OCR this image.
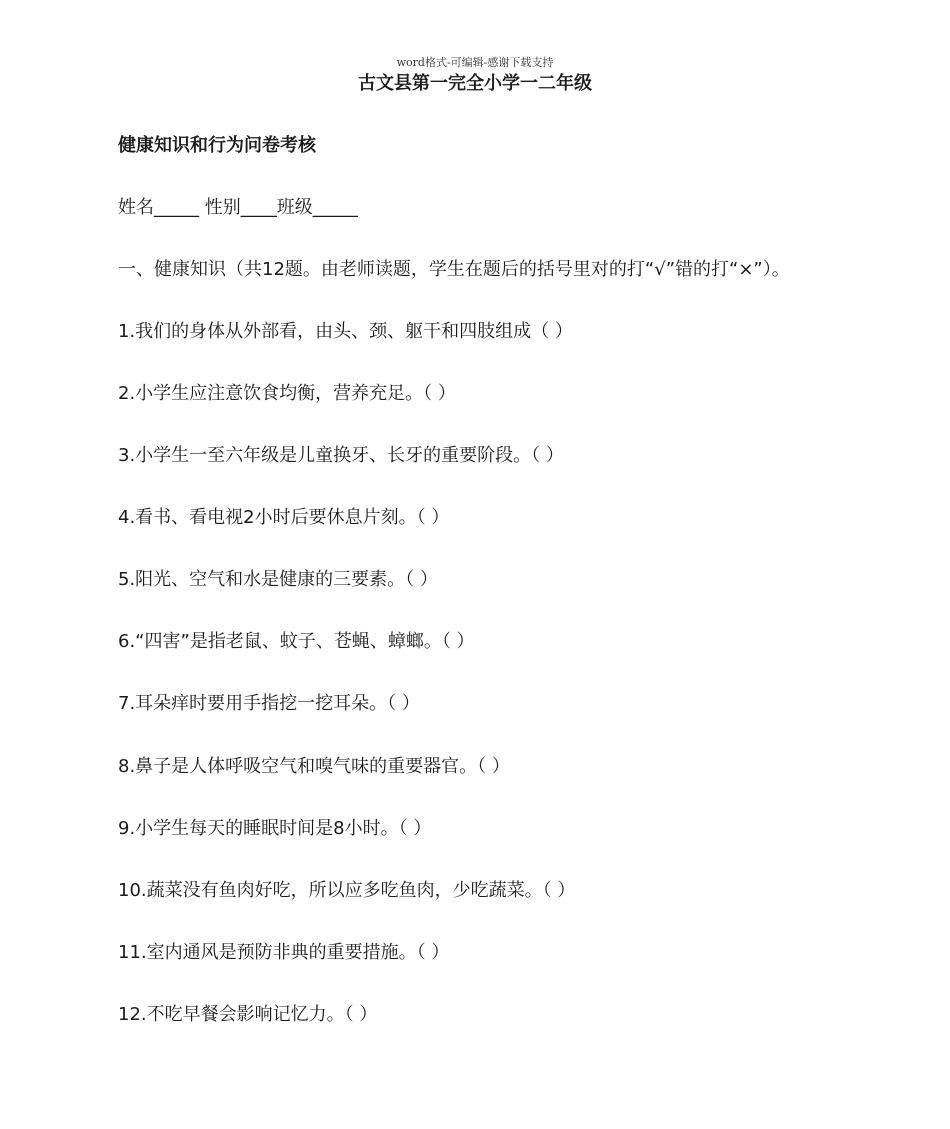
word格式-可编辑-感谢下载支持
古文县第一完全小学一二年级
健康知识和行为问卷考核
姓名_____ 性别____班级_____
一、健康知识（共12题。由老师读题，学生在题后的括号里对的打“√”错的打“×”）。
1.我们的身体从外部看，由头、颈、躯干和四肢组成（ ）
2.小学生应注意饮食均衡，营养充足。（ ）
3.小学生一至六年级是儿童换牙、长牙的重要阶段。（ ）
4.看书、看电视2小时后要休息片刻。（ ）
5.阳光、空气和水是健康的三要素。（ ）
6.“四害”是指老鼠、蚊子、苍蝇、蟑螂。（ ）
7.耳朵痒时要用手指挖一挖耳朵。（ ）
8.鼻子是人体呼吸空气和嗅气味的重要器官。（ ）
9.小学生每天的睡眠时间是8小时。（ ）
10.蔬菜没有鱼肉好吃，所以应多吃鱼肉，少吃蔬菜。（ ）
11.室内通风是预防非典的重要措施。（ ）
12.不吃早餐会影响记忆力。（ ）
